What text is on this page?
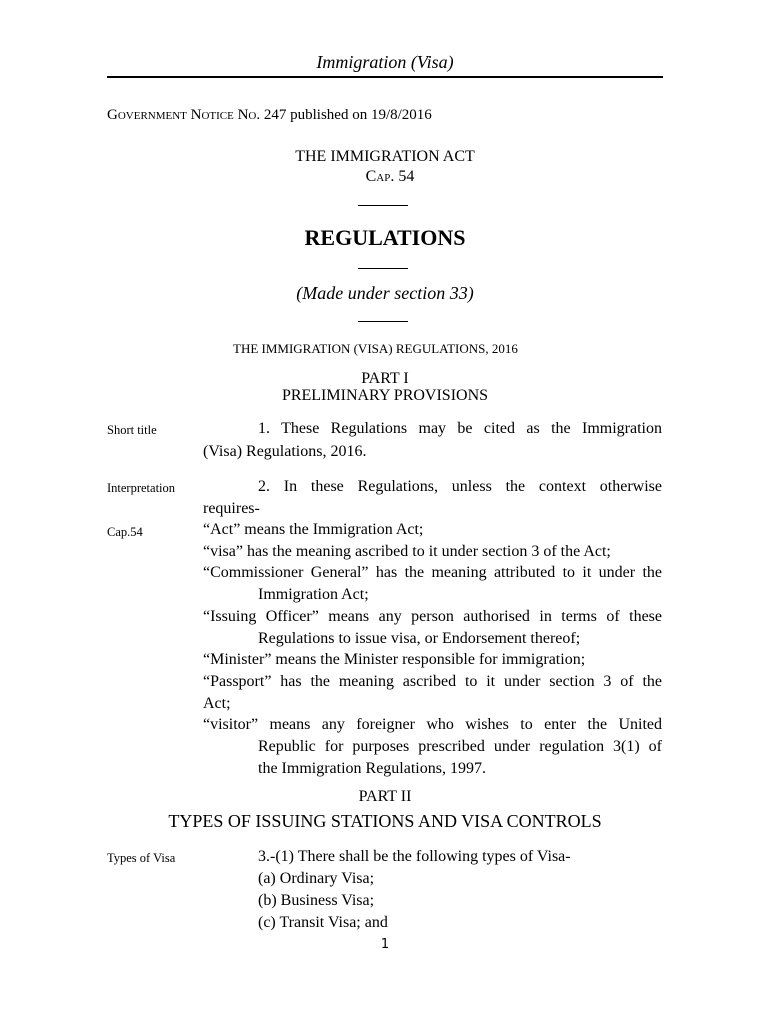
Immigration (Visa)
Government Notice No. 247 published on 19/8/2016
THE IMMIGRATION ACT
Cap. 54
REGULATIONS
(Made under section 33)
THE IMMIGRATION (VISA) REGULATIONS, 2016
PART I
PRELIMINARY PROVISIONS
Short title	1. These Regulations may be cited as the Immigration
(Visa) Regulations, 2016.
Interpretation	2. In these Regulations, unless the context otherwise
requires-
Cap.54	“Act” means the Immigration Act;
“visa” has the meaning ascribed to it under section 3 of the Act;
“Commissioner General” has the meaning attributed to it under the
Immigration Act;
“Issuing Officer” means any person authorised in terms of these
Regulations to issue visa, or Endorsement thereof;
“Minister” means the Minister responsible for immigration;
“Passport” has the meaning ascribed to it under section 3 of the
Act;
“visitor” means any foreigner who wishes to enter the United
Republic for purposes prescribed under regulation 3(1) of
the Immigration Regulations, 1997.
PART II
TYPES OF ISSUING STATIONS AND VISA CONTROLS
Types of Visa	3.-(1) There shall be the following types of Visa-
(a) Ordinary Visa;
(b) Business Visa;
(c) Transit Visa; and
1
